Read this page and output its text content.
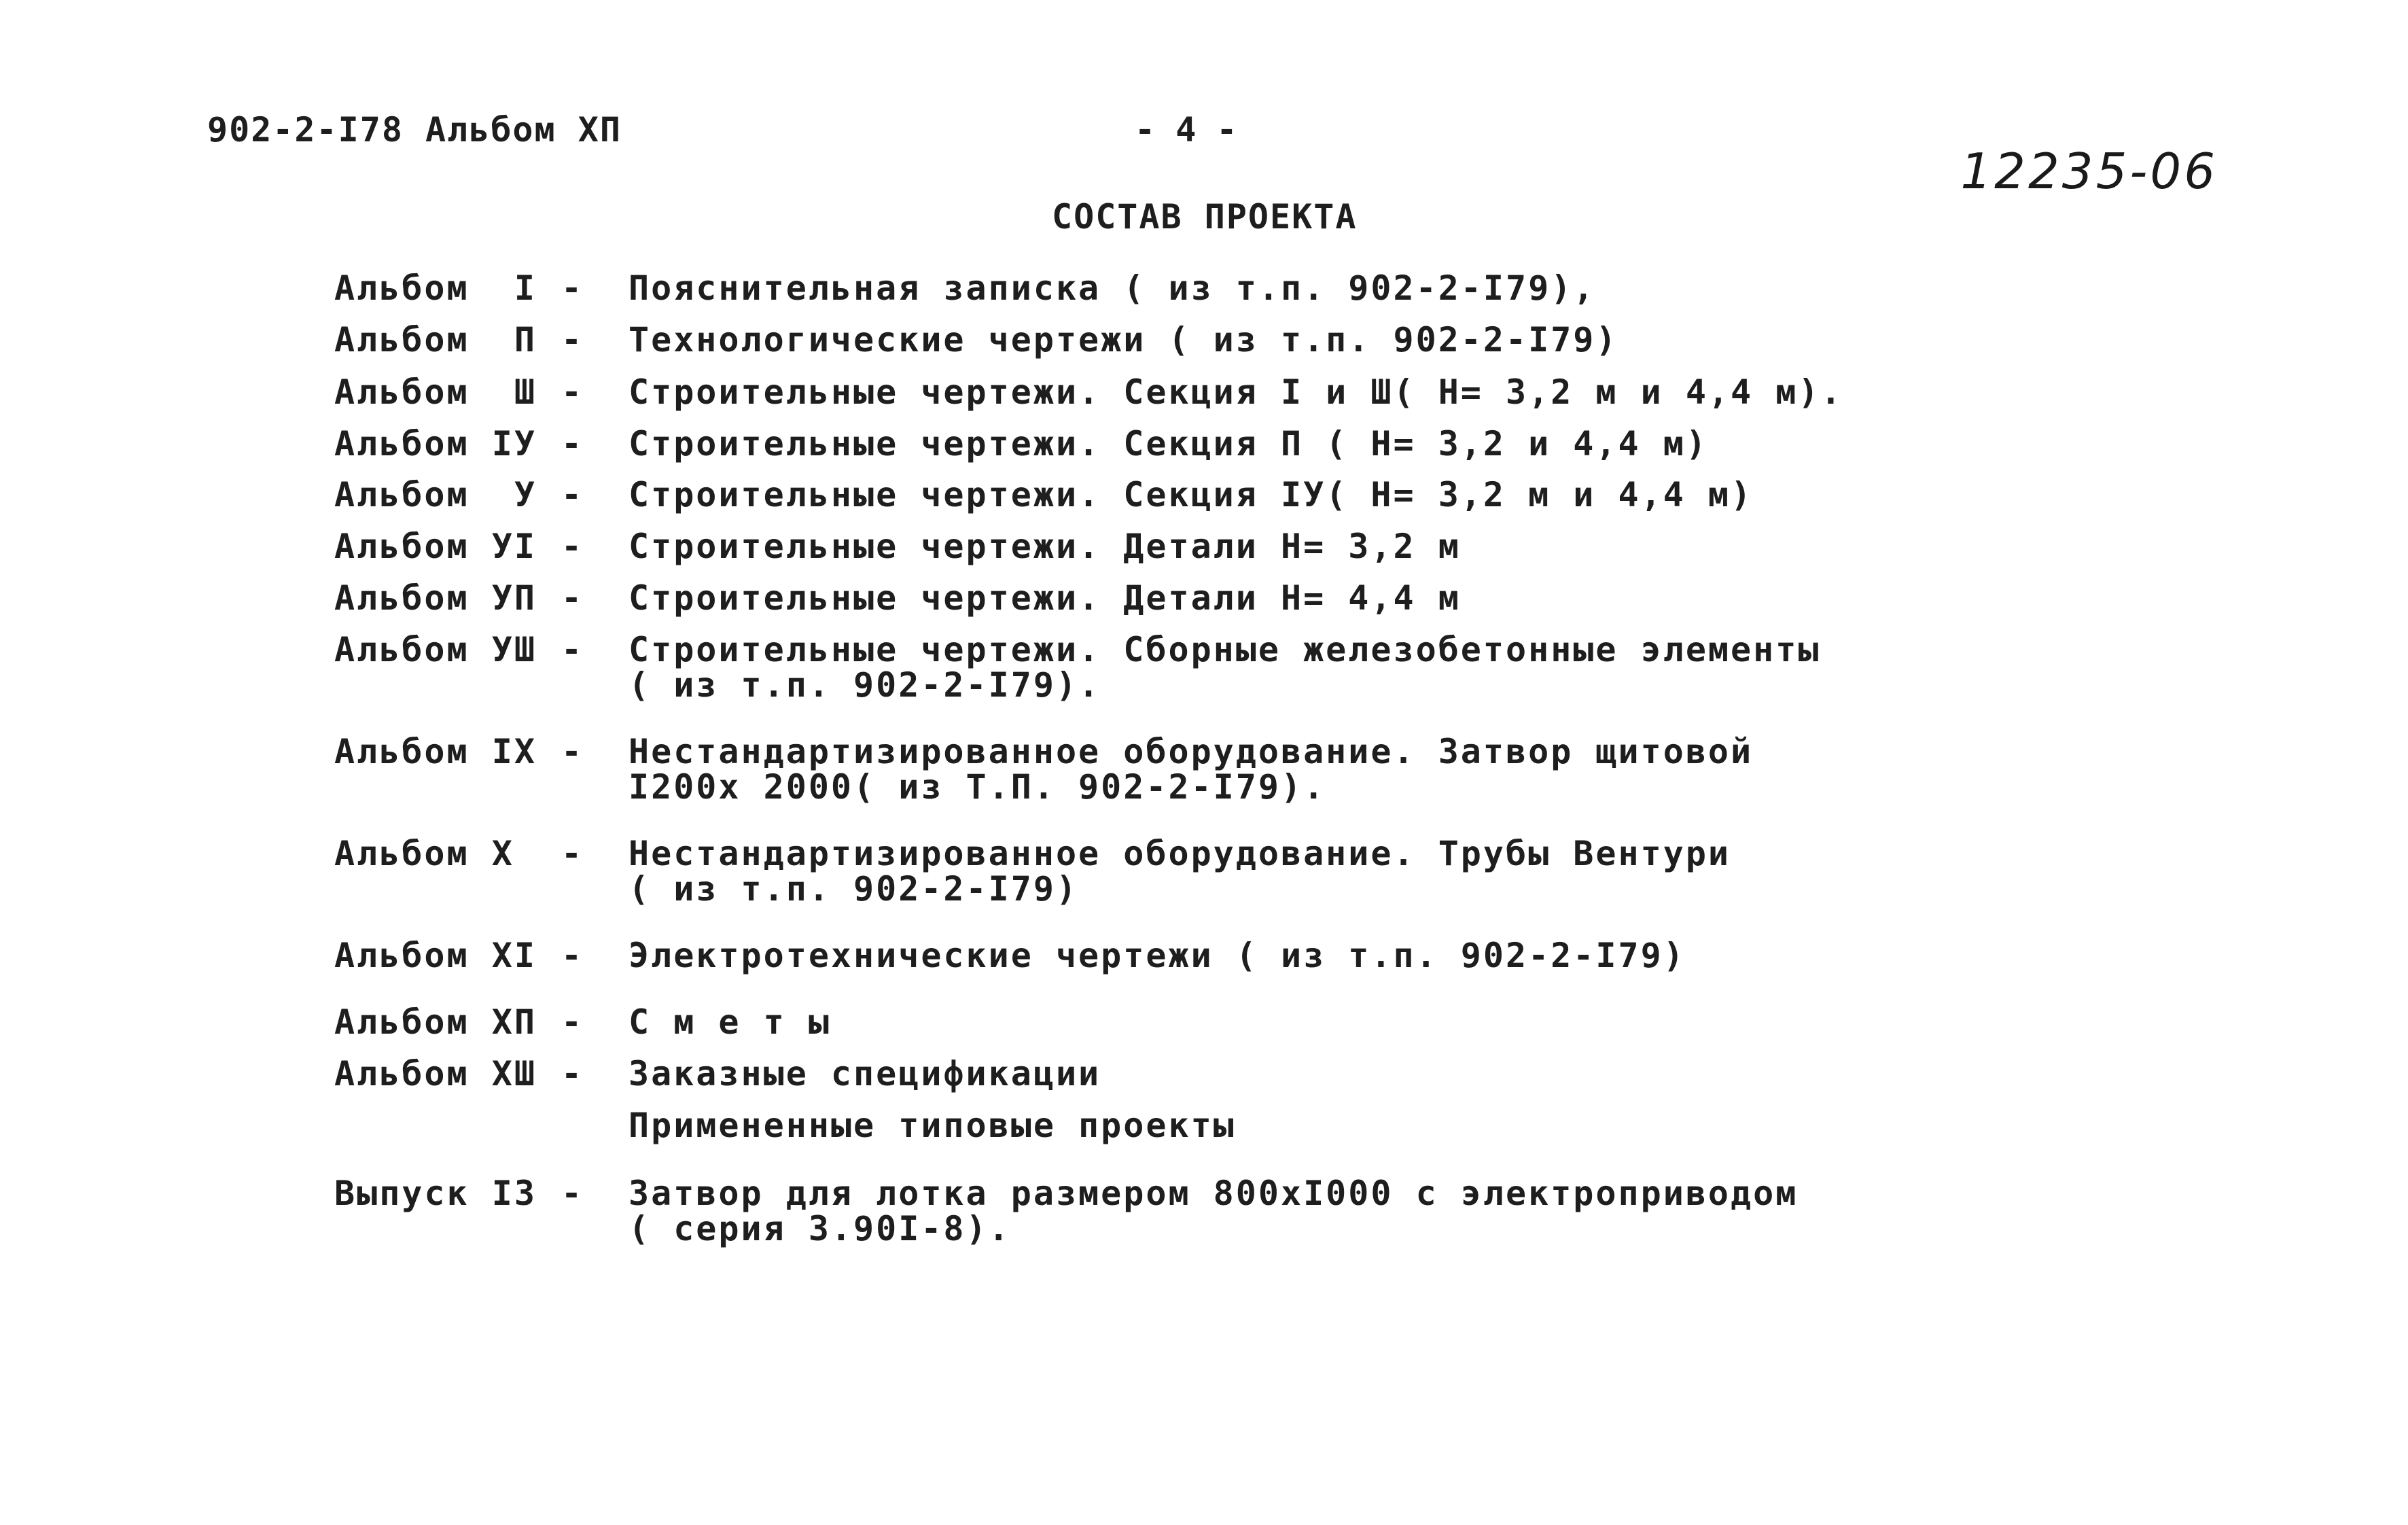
902-2-I78 Альбом ХП	- 4 -
12235-06
СОСТАВ ПРОЕКТА
Альбом  I - Пояснительная записка ( из т.п. 902-2-I79),
Альбом  П - Технологические чертежи ( из т.п. 902-2-I79)
Альбом  Ш - Строительные чертежи. Секция I и Ш( Н= 3,2 м и 4,4 м).
Альбом IУ - Строительные чертежи. Секция П ( Н= 3,2 и 4,4 м)
Альбом  У - Строительные чертежи. Секция IУ( Н= 3,2 м и 4,4 м)
Альбом УI - Строительные чертежи. Детали Н= 3,2 м
Альбом УП - Строительные чертежи. Детали Н= 4,4 м
Альбом УШ - Строительные чертежи. Сборные железобетонные элементы
( из т.п. 902-2-I79).
Альбом IX - Нестандартизированное оборудование. Затвор щитовой
I200х 2000( из Т.П. 902-2-I79).
Альбом Х - Нестандартизированное оборудование. Трубы Вентури
( из т.п. 902-2-I79)
Альбом ХI - Электротехнические чертежи ( из т.п. 902-2-I79)
Альбом ХП - С м е т ы
Альбом ХШ - Заказные спецификации
Примененные типовые проекты
Выпуск I3 - Затвор для лотка размером 800хI000 с электроприводом
( серия 3.90I-8).
